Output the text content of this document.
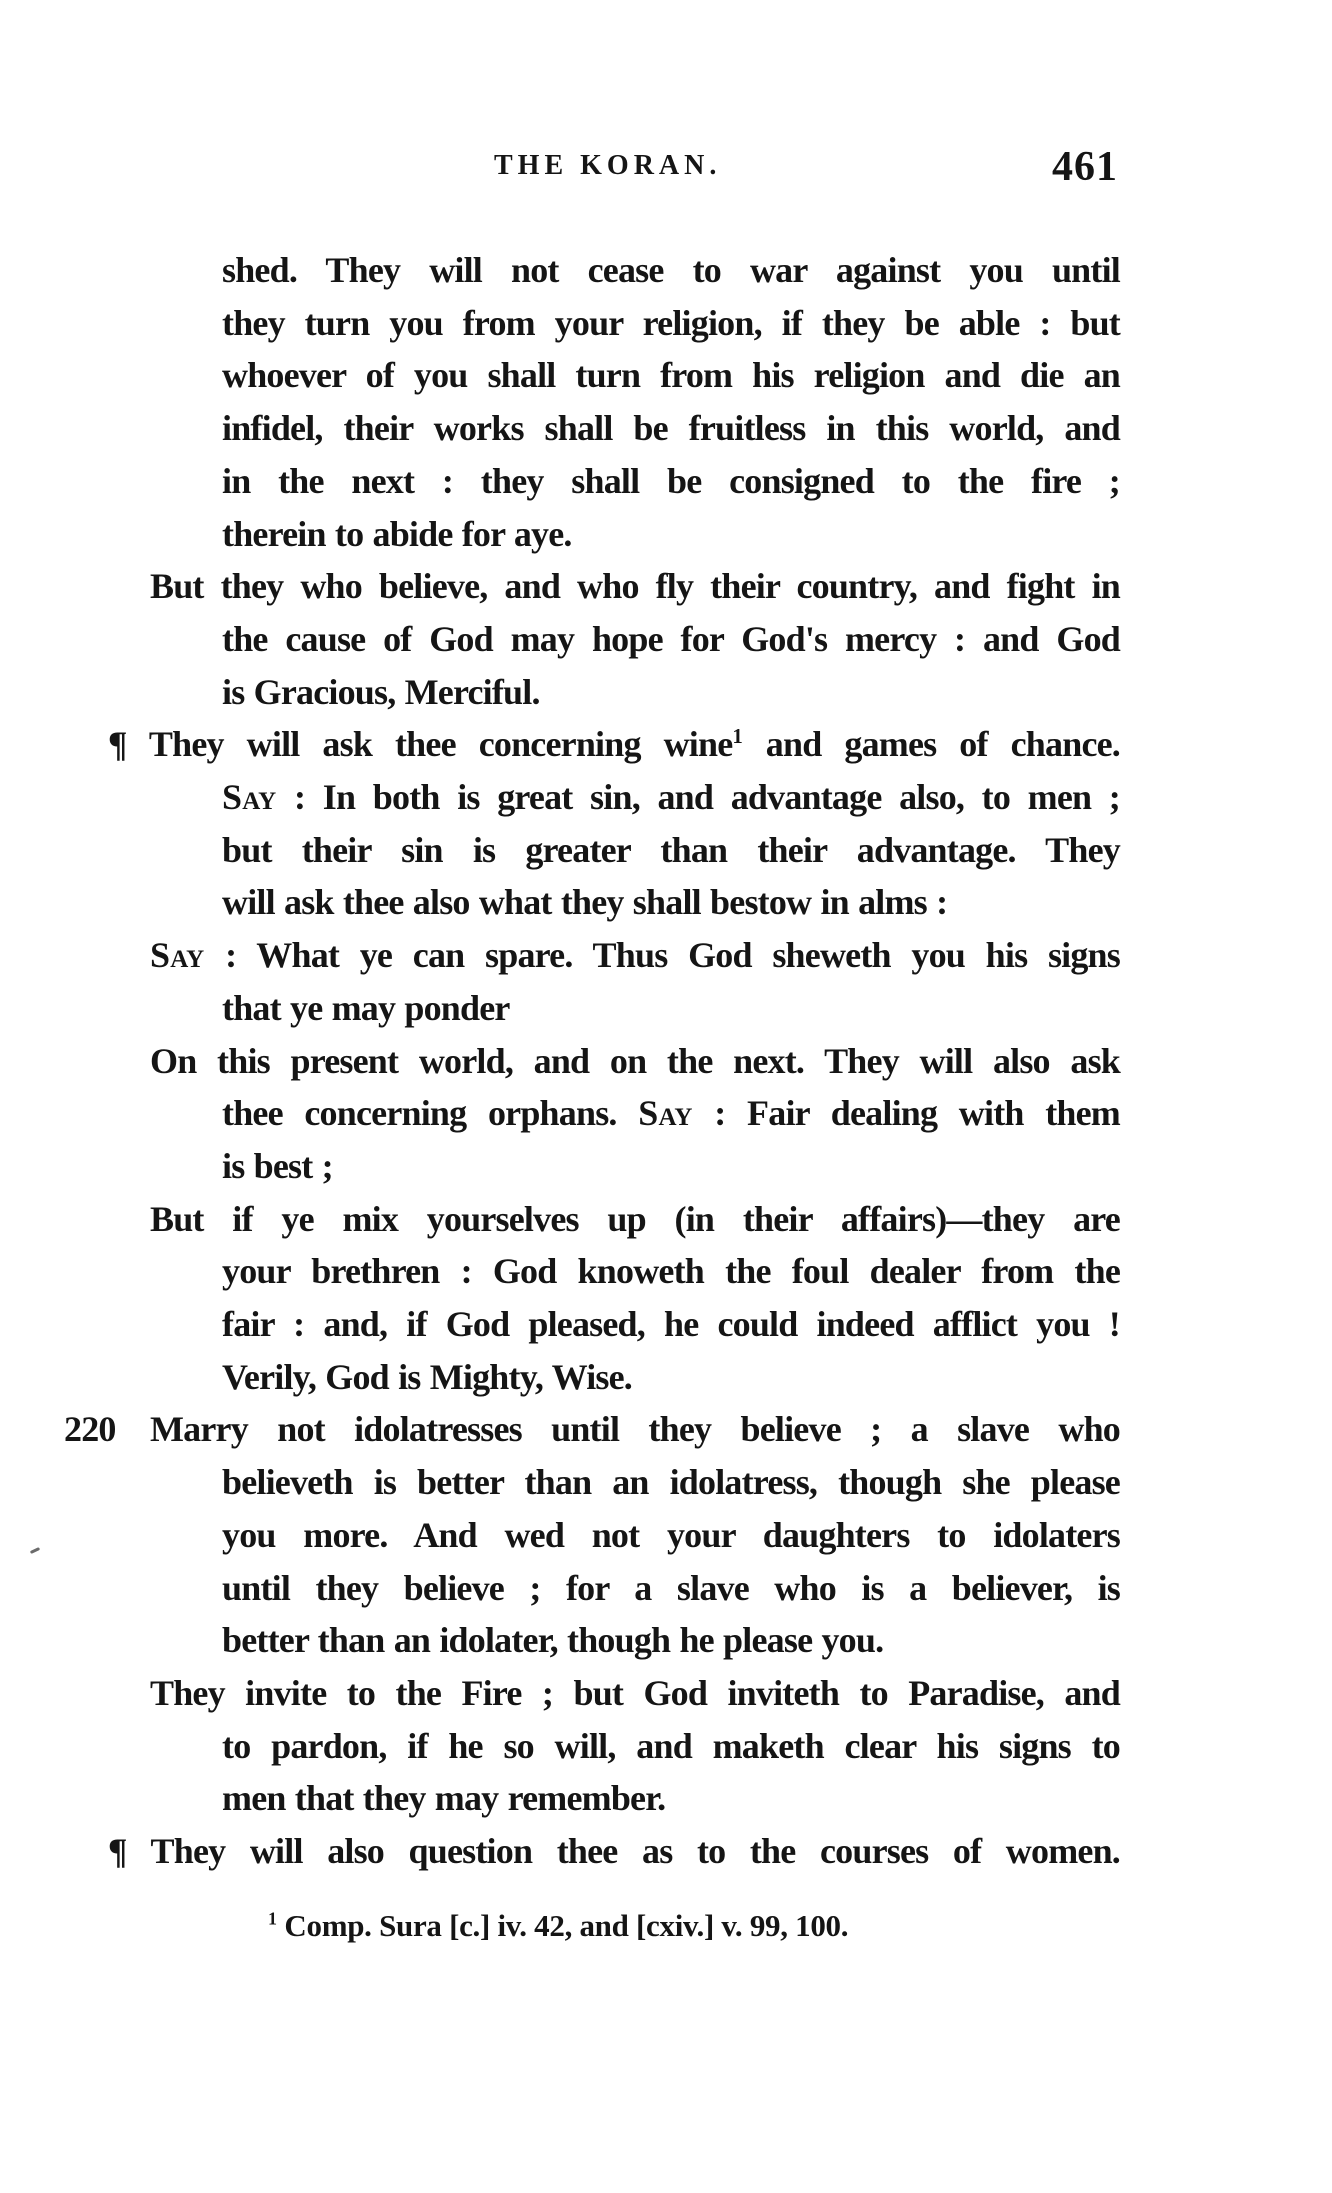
THE KORAN.	461
shed. They will not cease to war against you until
they turn you from your religion, if they be able : but
whoever of you shall turn from his religion and die an
infidel, their works shall be fruitless in this world, and
in the next : they shall be consigned to the fire ;
therein to abide for aye.
But they who believe, and who fly their country, and fight in
the cause of God may hope for God's mercy : and God
is Gracious, Merciful.
¶ They will ask thee concerning wine$^1$ and games of chance.
Say : In both is great sin, and advantage also, to men ;
but their sin is greater than their advantage. They
will ask thee also what they shall bestow in alms :
Say : What ye can spare. Thus God sheweth you his signs
that ye may ponder
On this present world, and on the next. They will also ask
thee concerning orphans. Say : Fair dealing with them
is best ;
But if ye mix yourselves up (in their affairs)—they are
your brethren : God knoweth the foul dealer from the
fair : and, if God pleased, he could indeed afflict you !
Verily, God is Mighty, Wise.
220 Marry not idolatresses until they believe ; a slave who
believeth is better than an idolatress, though she please
you more. And wed not your daughters to idolaters
until they believe ; for a slave who is a believer, is
better than an idolater, though he please you.
They invite to the Fire ; but God inviteth to Paradise, and
to pardon, if he so will, and maketh clear his signs to
men that they may remember.
¶ They will also question thee as to the courses of women.
$^1$ Comp. Sura [c.] iv. 42, and [cxiv.] v. 99, 100.
